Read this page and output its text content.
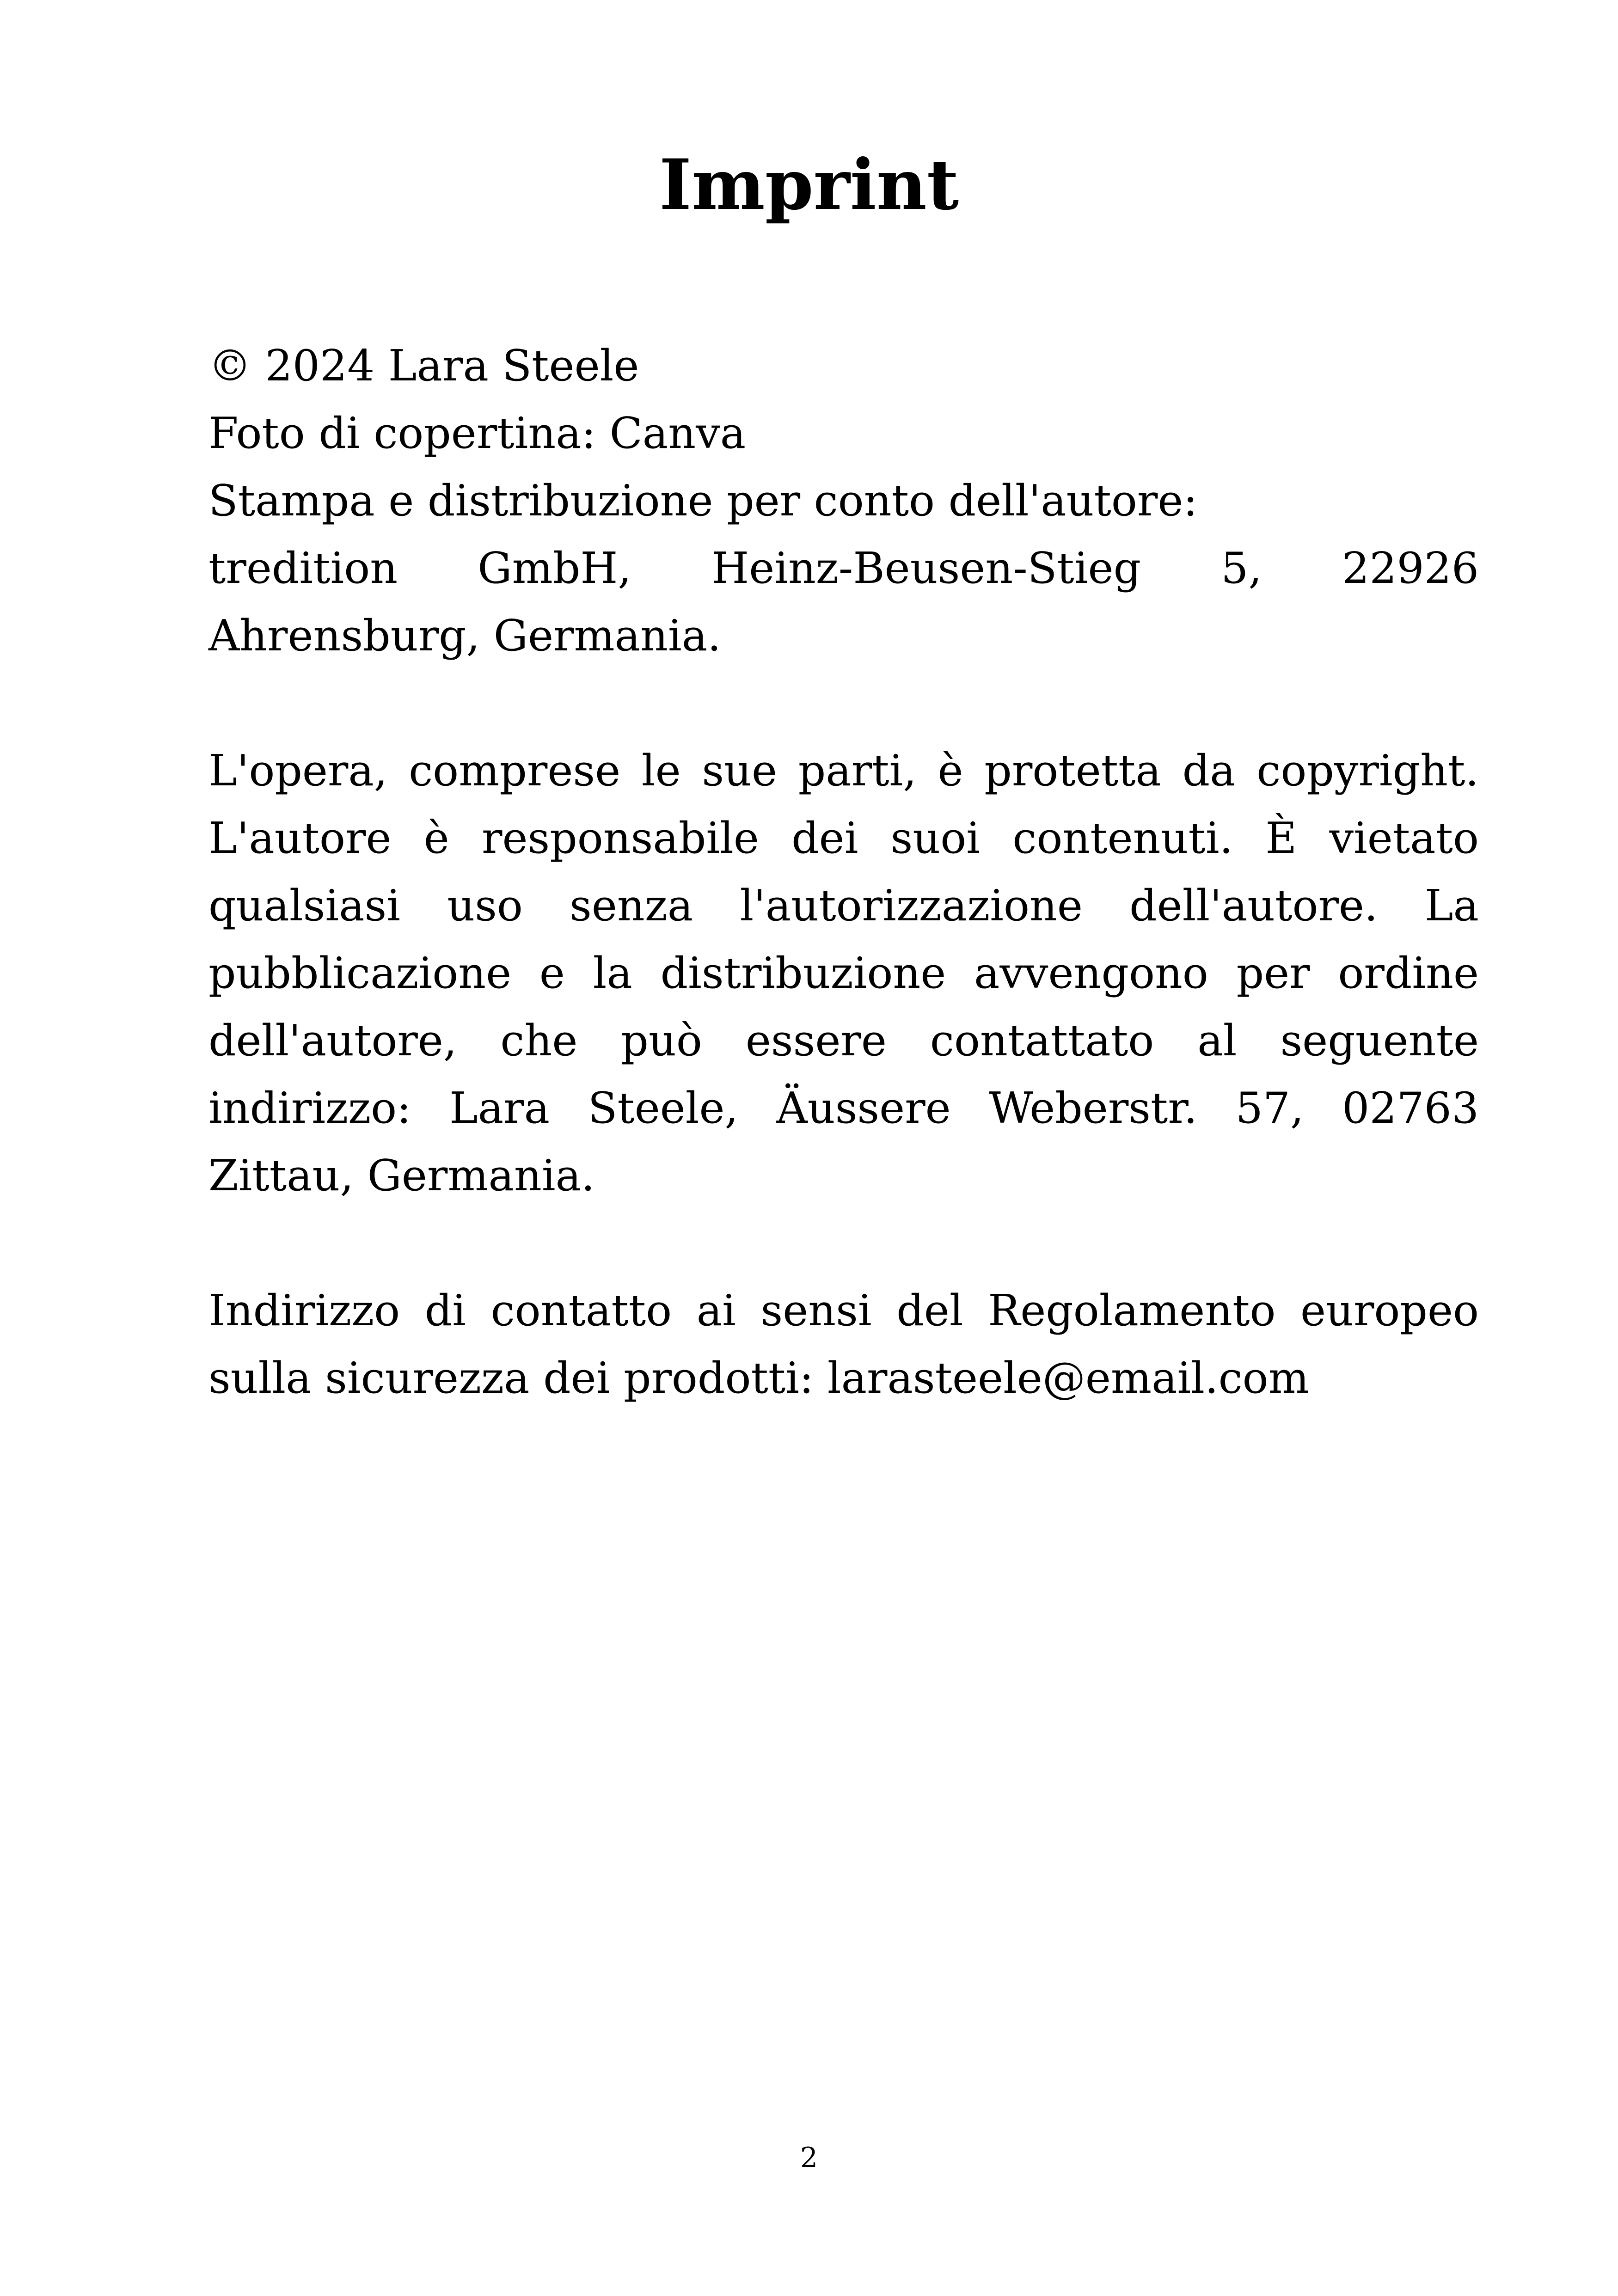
Imprint
© 2024 Lara Steele
Foto di copertina: Canva
Stampa e distribuzione per conto dell'autore:

tredition GmbH, Heinz-Beusen-Stieg 5, 22926 Ahrensburg, Germania.

L'opera, comprese le sue parti, è protetta da copyright. L'autore è responsabile dei suoi contenuti. È vietato qualsiasi uso senza l'autorizzazione dell'autore. La pubblicazione e la distribuzione avvengono per ordine dell'autore, che può essere contattato al seguente indirizzo: Lara Steele, Äussere Weberstr. 57, 02763 Zittau, Germania.

Indirizzo di contatto ai sensi del Regolamento europeo sulla sicurezza dei prodotti: larasteele@email.com

2
